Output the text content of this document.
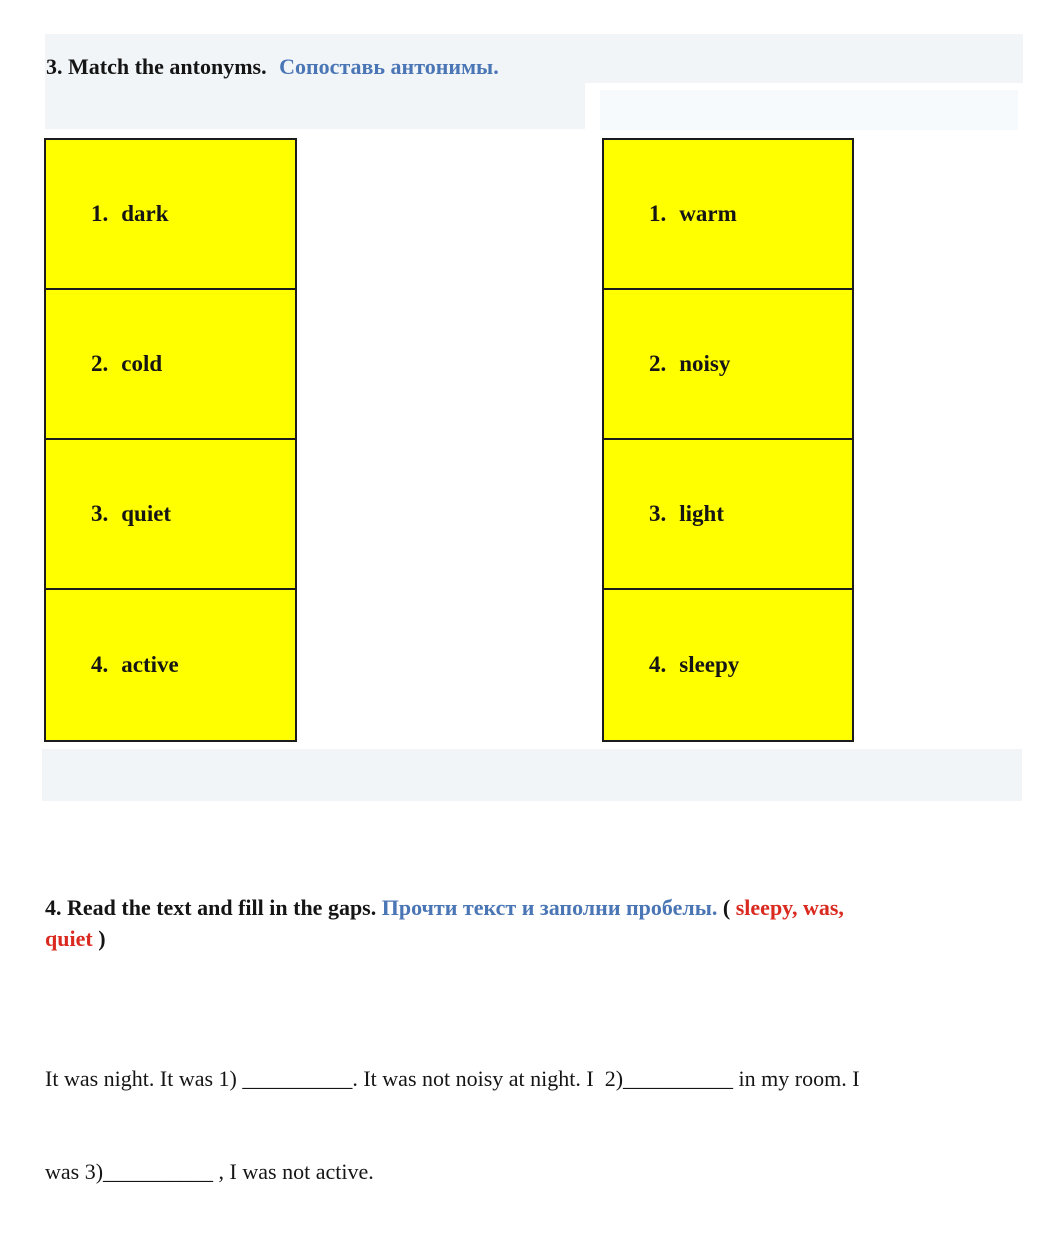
3. Match the antonyms. Сопоставь антонимы.
1. dark
2. cold
3. quiet
4. active
1. warm
2. noisy
3. light
4. sleepy
4. Read the text and fill in the gaps. Прочти текст и заполни пробелы. ( sleepy, was,
quiet )

It was night. It was 1) __________. It was not noisy at night. I  2)__________ in my room. I

was 3)__________ , I was not active.
